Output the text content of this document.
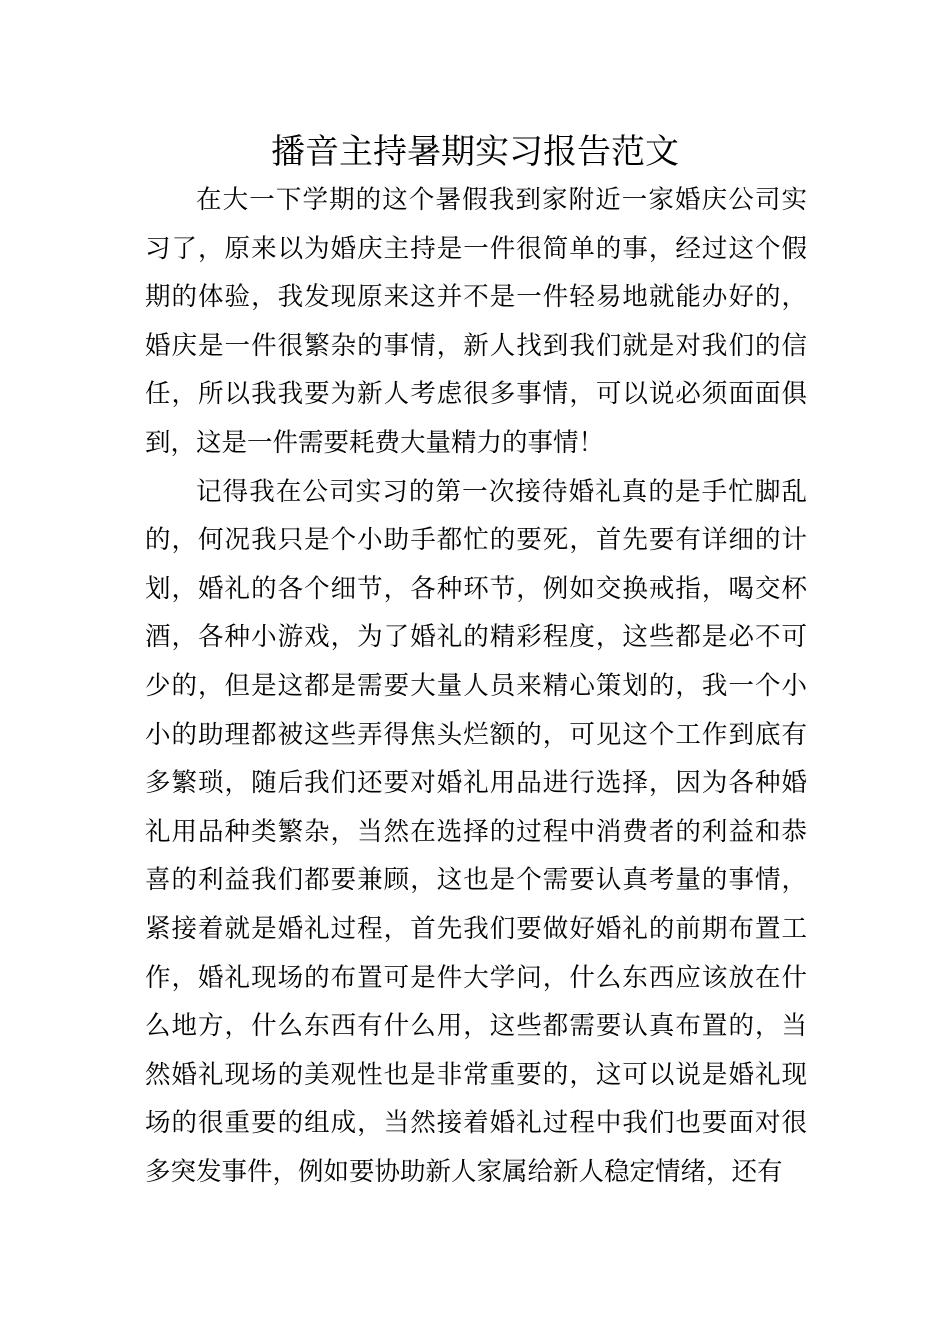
播音主持暑期实习报告范文

在大一下学期的这个暑假我到家附近一家婚庆公司实习了，原来以为婚庆主持是一件很简单的事，经过这个假期的体验，我发现原来这并不是一件轻易地就能办好的，婚庆是一件很繁杂的事情，新人找到我们就是对我们的信任，所以我我要为新人考虑很多事情，可以说必须面面俱到，这是一件需要耗费大量精力的事情！

记得我在公司实习的第一次接待婚礼真的是手忙脚乱的，何况我只是个小助手都忙的要死，首先要有详细的计划，婚礼的各个细节，各种环节，例如交换戒指，喝交杯酒，各种小游戏，为了婚礼的精彩程度，这些都是必不可少的，但是这都是需要大量人员来精心策划的，我一个小小的助理都被这些弄得焦头烂额的，可见这个工作到底有多繁琐，随后我们还要对婚礼用品进行选择，因为各种婚礼用品种类繁杂，当然在选择的过程中消费者的利益和恭喜的利益我们都要兼顾，这也是个需要认真考量的事情，紧接着就是婚礼过程，首先我们要做好婚礼的前期布置工作，婚礼现场的布置可是件大学问，什么东西应该放在什么地方，什么东西有什么用，这些都需要认真布置的，当然婚礼现场的美观性也是非常重要的，这可以说是婚礼现场的很重要的组成，当然接着婚礼过程中我们也要面对很多突发事件，例如要协助新人家属给新人稳定情绪，还有
